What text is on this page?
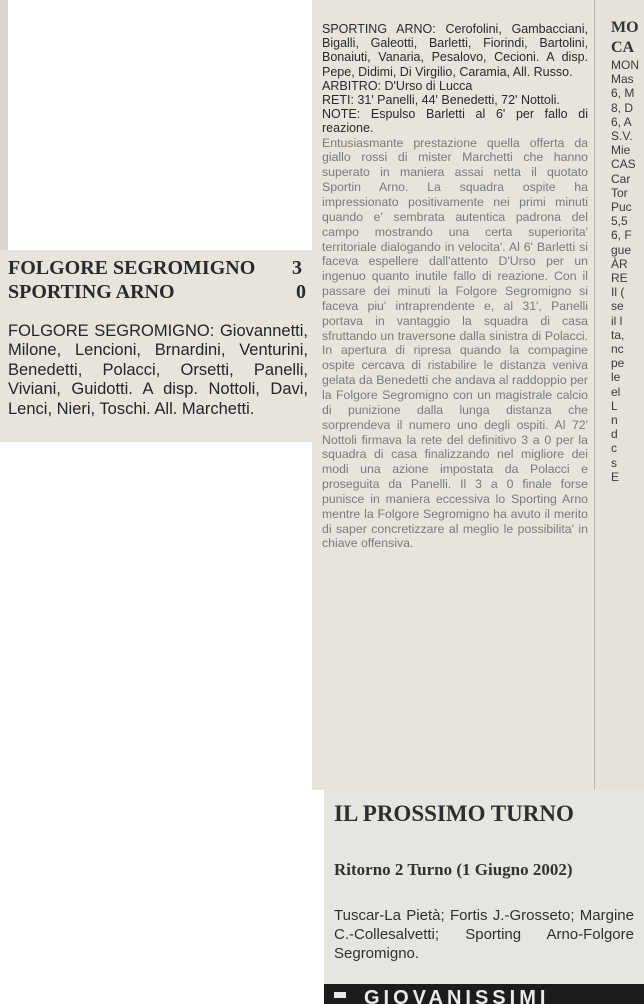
FOLGORE SEGROMIGNO 3
SPORTING ARNO	0

FOLGORE SEGROMIGNO: Giovannetti, Milone, Lencioni, Brnardini, Venturini, Benedetti, Polacci, Orsetti, Panelli, Viviani, Guidotti. A disp. Nottoli, Davi, Lenci, Nieri, Toschi. All. Marchetti.

SPORTING ARNO: Cerofolini, Gambacciani, Bigalli, Galeotti, Barletti, Fiorindi, Bartolini, Bonaiuti, Vanaria, Pesalovo, Cecioni. A disp. Pepe, Didimi, Di Virgilio, Caramia, All. Russo.

ARBITRO: D'Urso di Lucca

RETI: 31' Panelli, 44' Benedetti, 72' Nottoli.

NOTE: Espulso Barletti al 6' per fallo di reazione.

Entusiasmante prestazione quella offerta da giallo rossi di mister Marchetti che hanno superato in maniera assai netta il quotato Sportin Arno. La squadra ospite ha impressionato positivamente nei primi minuti quando e' sembrata autentica padrona del campo mostrando una certa superiorita' territoriale dialogando in velocita'. Al 6' Barletti si faceva espellere dall'attento D'Urso per un ingenuo quanto inutile fallo di reazione. Con il passare dei minuti la Folgore Segromigno si faceva piu' intraprendente e, al 31', Panelli portava in vantaggio la squadra di casa sfruttando un traversone dalla sinistra di Polacci. In apertura di ripresa quando la compagine ospite cercava di ristabilire le distanza veniva gelata da Benedetti che andava al raddoppio per la Folgore Segromigno con un magistrale calcio di punizione dalla lunga distanza che sorprendeva il numero uno degli ospiti. Al 72' Nottoli firmava la rete del definitivo 3 a 0 per la squadra di casa finalizzando nel migliore dei modi una azione impostata da Polacci e proseguita da Panelli. Il 3 a 0 finale forse punisce in maniera eccessiva lo Sporting Arno mentre la Folgore Segromigno ha avuto il merito di saper concretizzare al meglio le possibilita' in chiave offensiva.

MO
CA
MON
Mas
6, M
8, D
6, A
S.V.
Mie
CAS
Car
Tor
Puc
5,5
6, F
gue
ÀR
RE
Il (
se
il l
ta,
nc
pe
le
el
L
n
d
c
s
E
IL PROSSIMO TURNO

Ritorno 2 Turno (1 Giugno 2002)

Tuscar-La Pietà; Fortis J.-Grosseto; Margine C.-Collesalvetti; Sporting Arno-Folgore Segromigno.

GIOVANISSIMI
